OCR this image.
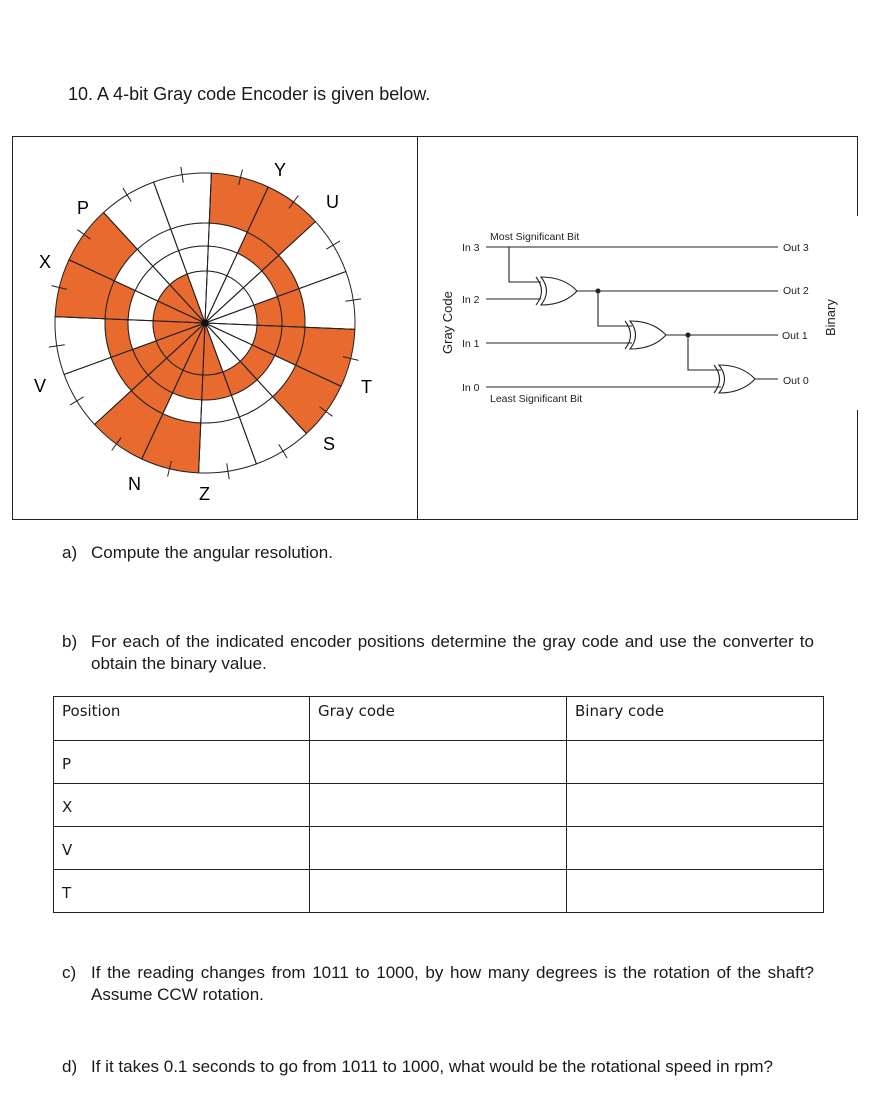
10. A 4-bit Gray code Encoder is given below.
Y
U
T
S
Z
N
V
X
P
Gray Code	Binary
Most Significant Bit
Least Significant Bit
In 3
In 2
In 1
In 0
Out 3
Out 2
Out 1
Out 0
a) Compute the angular resolution.
b) For each of the indicated encoder positions determine the gray code and use the converter to obtain the binary value.
Position	Gray code	Binary code
P		
X		
V		
T		
c) If the reading changes from 1011 to 1000, by how many degrees is the rotation of the shaft? Assume CCW rotation.
d) If it takes 0.1 seconds to go from 1011 to 1000, what would be the rotational speed in rpm?
